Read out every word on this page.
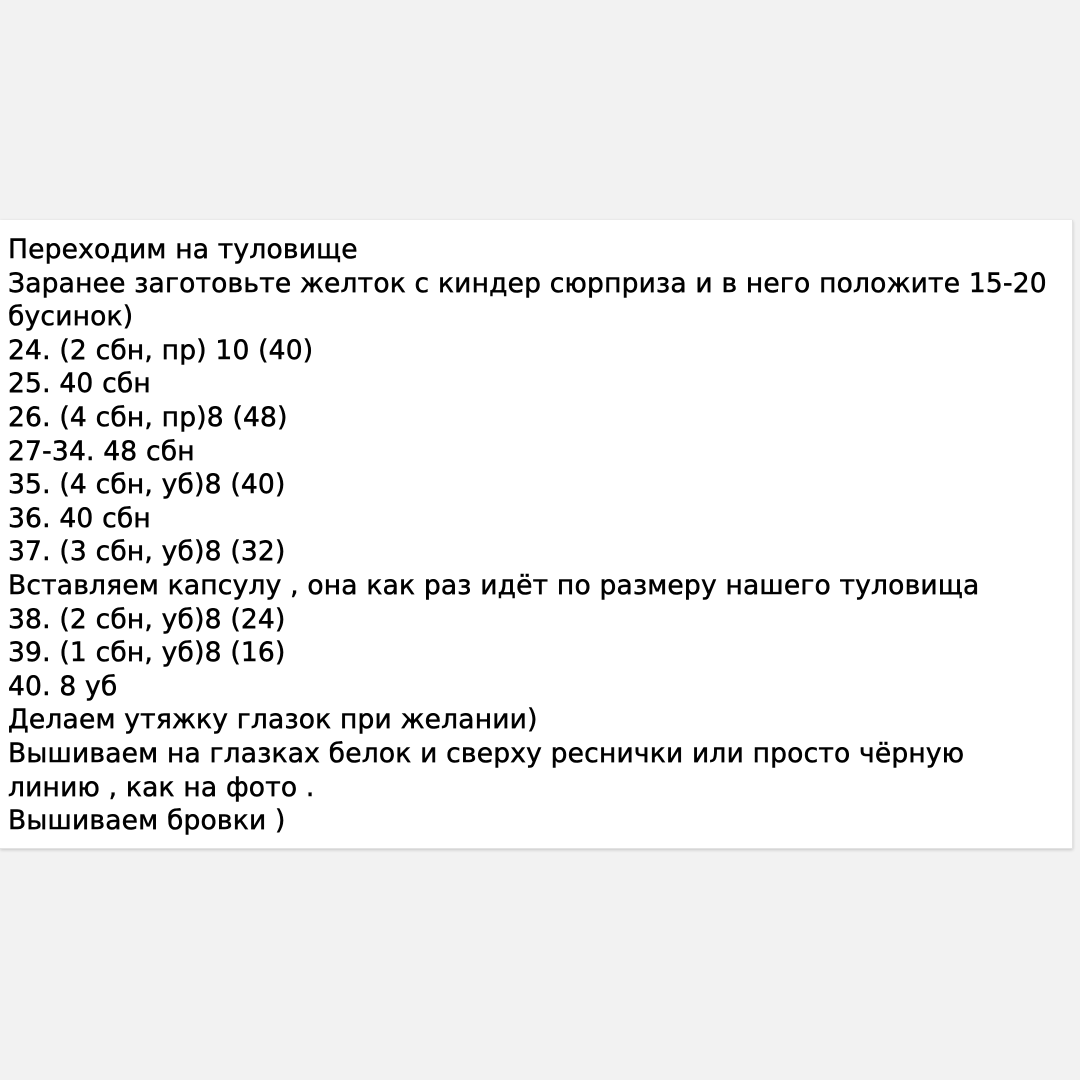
Переходим на туловище
Заранее заготовьте желток с киндер сюрприза и в него положите 15-20
бусинок)
24. (2 сбн, пр) 10 (40)
25. 40 сбн
26. (4 сбн, пр)8 (48)
27-34. 48 сбн
35. (4 сбн, уб)8 (40)
36. 40 сбн
37. (3 сбн, уб)8 (32)
Вставляем капсулу , она как раз идёт по размеру нашего туловища
38. (2 сбн, уб)8 (24)
39. (1 сбн, уб)8 (16)
40. 8 уб
Делаем утяжку глазок при желании)
Вышиваем на глазках белок и сверху реснички или просто чёрную
линию , как на фото .
Вышиваем бровки )
